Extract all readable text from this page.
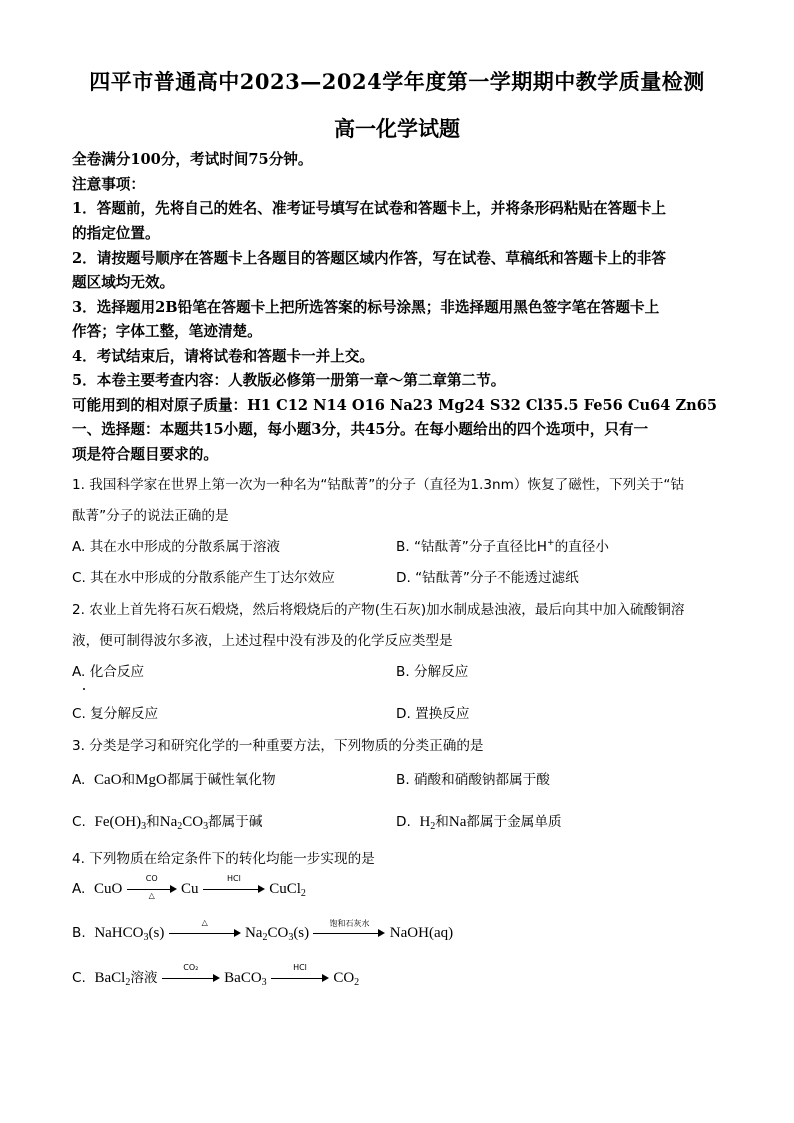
四平市普通高中2023—2024学年度第一学期期中教学质量检测
高一化学试题
全卷满分100分，考试时间75分钟。
注意事项：
1．答题前，先将自己的姓名、准考证号填写在试卷和答题卡上，并将条形码粘贴在答题卡上
的指定位置。
2．请按题号顺序在答题卡上各题目的答题区域内作答，写在试卷、草稿纸和答题卡上的非答
题区域均无效。
3．选择题用2B铅笔在答题卡上把所选答案的标号涂黑；非选择题用黑色签字笔在答题卡上
作答；字体工整，笔迹清楚。
4．考试结束后，请将试卷和答题卡一并上交。
5．本卷主要考查内容：人教版必修第一册第一章～第二章第二节。
可能用到的相对原子质量：H1 C12 N14 O16 Na23 Mg24 S32 Cl35.5 Fe56 Cu64 Zn65
一、选择题：本题共15小题，每小题3分，共45分。在每小题给出的四个选项中，只有一
项是符合题目要求的。
1. 我国科学家在世界上第一次为一种名为“钴酞菁”的分子（直径为1.3nm）恢复了磁性，下列关于“钴
酞菁”分子的说法正确的是
A. 其在水中形成的分散系属于溶液	B. “钴酞菁”分子直径比H+的直径小
C. 其在水中形成的分散系能产生丁达尔效应	D. “钴酞菁”分子不能透过滤纸
2. 农业上首先将石灰石煅烧，然后将煅烧后的产物(生石灰)加水制成悬浊液，最后向其中加入硫酸铜溶
液，便可制得波尔多液，上述过程中没有涉及的化学反应类型是
A. 化合反应	B. 分解反应
C. 复分解反应	D. 置换反应
3. 分类是学习和研究化学的一种重要方法，下列物质的分类正确的是
A. CaO和MgO都属于碱性氧化物	B. 硝酸和硝酸钠都属于酸
C. $Fe(OH)_3$和$Na_2CO_3$都属于碱	D. $H_2$和Na都属于金属单质
4. 下列物质在给定条件下的转化均能一步实现的是
A. CuO
CO
△	Cu
HCl
CuCl$_2$
B. NaHCO$_3$(s)
△
$Na_2CO_3(s)$
饱和石灰水
NaOH(aq)
C. BaCl$_2$溶液
CO₂
BaCO$_3$
HCl
$CO_2$
